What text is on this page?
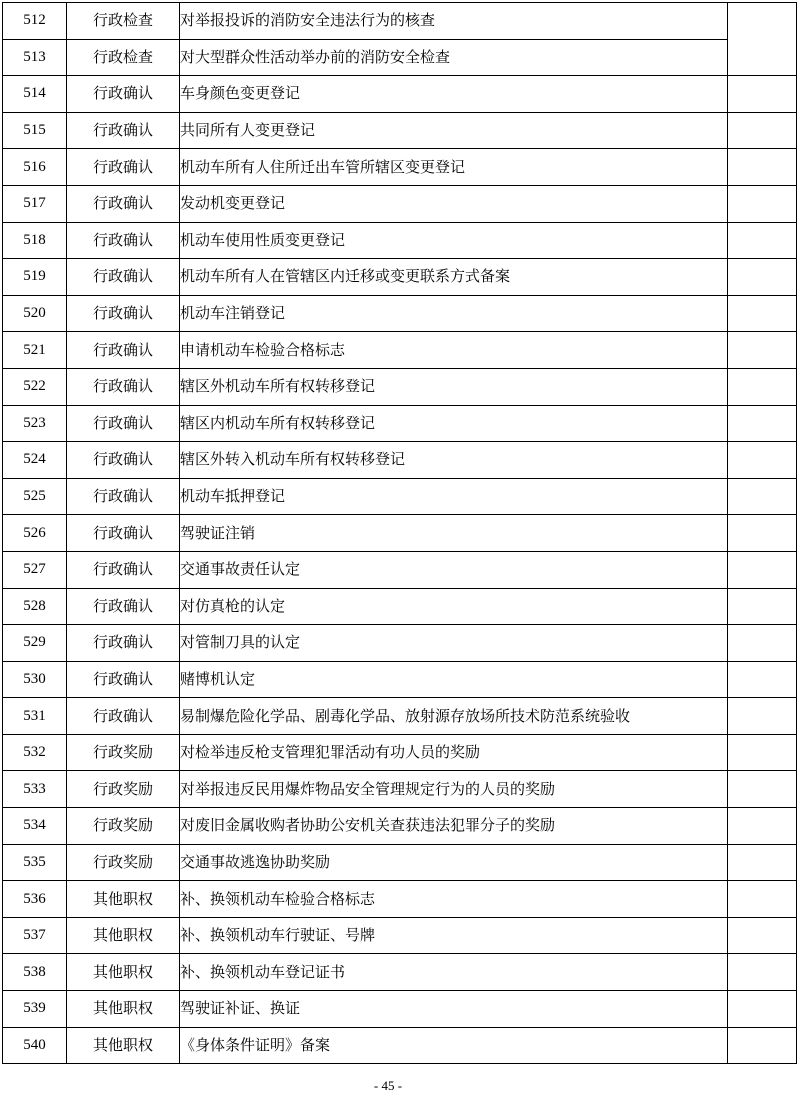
512	行政检查	对举报投诉的消防安全违法行为的核查	
513	行政检查	对大型群众性活动举办前的消防安全检查	
514	行政确认	车身颜色变更登记	
515	行政确认	共同所有人变更登记	
516	行政确认	机动车所有人住所迁出车管所辖区变更登记	
517	行政确认	发动机变更登记	
518	行政确认	机动车使用性质变更登记	
519	行政确认	机动车所有人在管辖区内迁移或变更联系方式备案	
520	行政确认	机动车注销登记	
521	行政确认	申请机动车检验合格标志	
522	行政确认	辖区外机动车所有权转移登记	
523	行政确认	辖区内机动车所有权转移登记	
524	行政确认	辖区外转入机动车所有权转移登记	
525	行政确认	机动车抵押登记	
526	行政确认	驾驶证注销	
527	行政确认	交通事故责任认定	
528	行政确认	对仿真枪的认定	
529	行政确认	对管制刀具的认定	
530	行政确认	赌博机认定	
531	行政确认	易制爆危险化学品、剧毒化学品、放射源存放场所技术防范系统验收	
532	行政奖励	对检举违反枪支管理犯罪活动有功人员的奖励	
533	行政奖励	对举报违反民用爆炸物品安全管理规定行为的人员的奖励	
534	行政奖励	对废旧金属收购者协助公安机关查获违法犯罪分子的奖励	
535	行政奖励	交通事故逃逸协助奖励	
536	其他职权	补、换领机动车检验合格标志	
537	其他职权	补、换领机动车行驶证、号牌	
538	其他职权	补、换领机动车登记证书	
539	其他职权	驾驶证补证、换证	
540	其他职权	《身体条件证明》备案	
- 45 -
